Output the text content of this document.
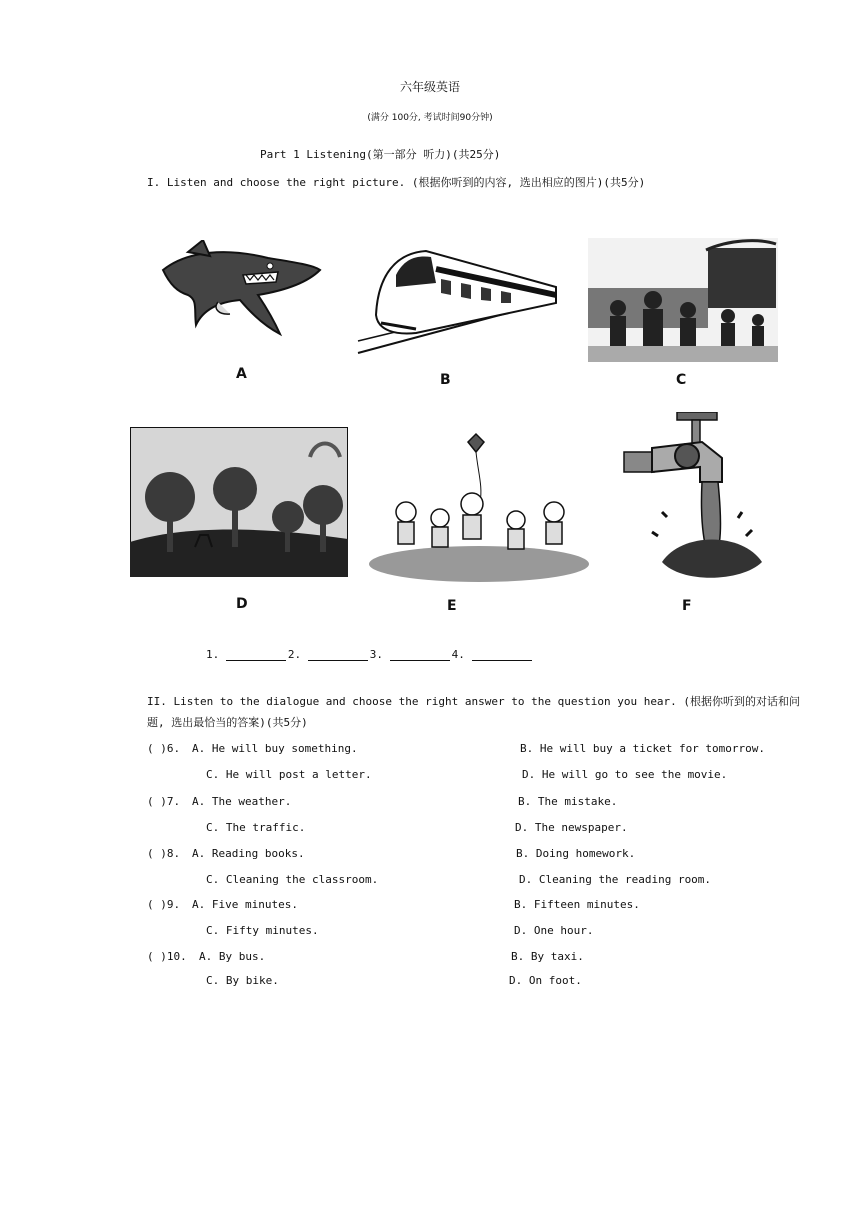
六年级英语
(满分 100分, 考试时间90分钟)
Part 1 Listening(第一部分 听力)(共25分)
I. Listen and choose the right picture. (根据你听到的内容, 选出相应的图片)(共5分)
A	B	C
D	E	F
1.	2.	3.	4.
II. Listen to the dialogue and choose the right answer to the question you hear. (根据你听到的对话和问
题, 选出最恰当的答案)(共5分)
( )6. A. He will buy something.	B. He will buy a ticket for tomorrow.
C. He will post a letter.	D. He will go to see the movie.
( )7. A. The weather.	B. The mistake.
C. The traffic.	D. The newspaper.
( )8. A. Reading books.	B. Doing homework.
C. Cleaning the classroom.	D. Cleaning the reading room.
( )9. A. Five minutes.	B. Fifteen minutes.
C. Fifty minutes.	D. One hour.
( )10. A. By bus.	B. By taxi.
C. By bike.	D. On foot.
